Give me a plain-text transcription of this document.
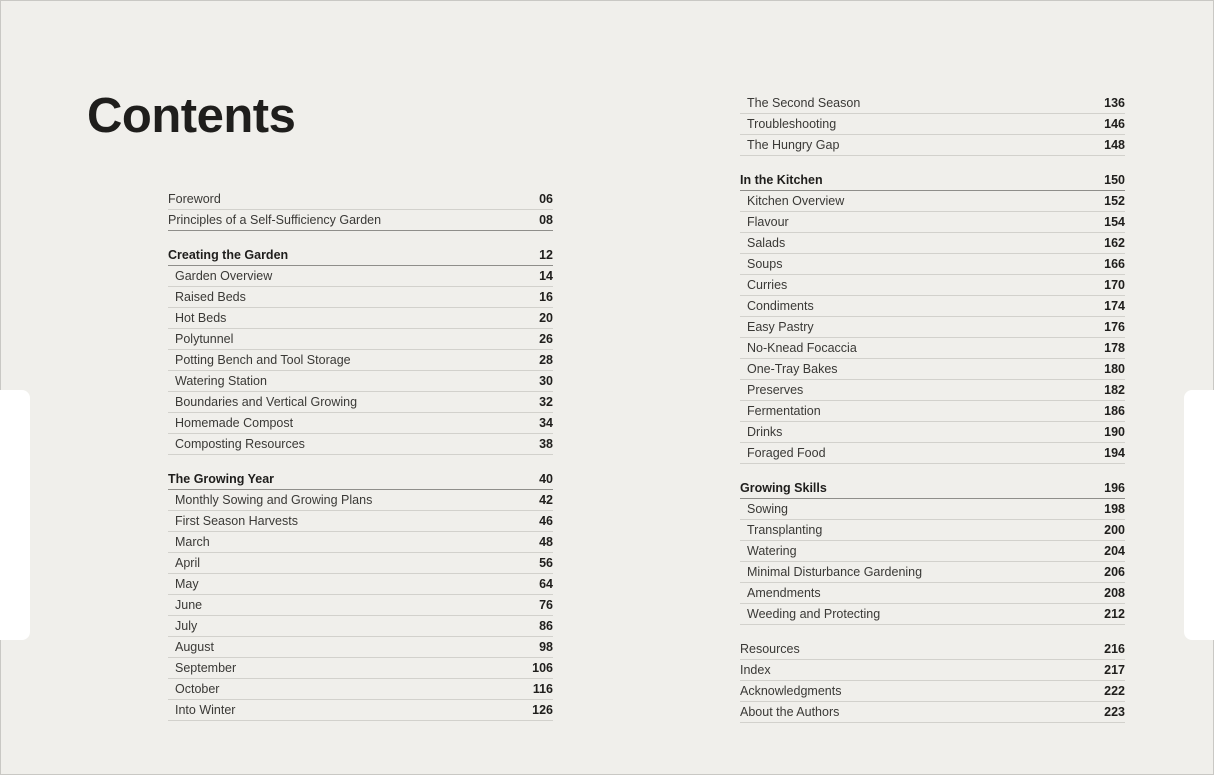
Contents
Foreword	06
Principles of a Self-Sufficiency Garden	08
Creating the Garden	12
Garden Overview	14
Raised Beds	16
Hot Beds	20
Polytunnel	26
Potting Bench and Tool Storage	28
Watering Station	30
Boundaries and Vertical Growing	32
Homemade Compost	34
Composting Resources	38
The Growing Year	40
Monthly Sowing and Growing Plans	42
First Season Harvests	46
March	48
April	56
May	64
June	76
July	86
August	98
September	106
October	116
Into Winter	126
The Second Season	136
Troubleshooting	146
The Hungry Gap	148
In the Kitchen	150
Kitchen Overview	152
Flavour	154
Salads	162
Soups	166
Curries	170
Condiments	174
Easy Pastry	176
No-Knead Focaccia	178
One-Tray Bakes	180
Preserves	182
Fermentation	186
Drinks	190
Foraged Food	194
Growing Skills	196
Sowing	198
Transplanting	200
Watering	204
Minimal Disturbance Gardening	206
Amendments	208
Weeding and Protecting	212
Resources	216
Index	217
Acknowledgments	222
About the Authors	223
